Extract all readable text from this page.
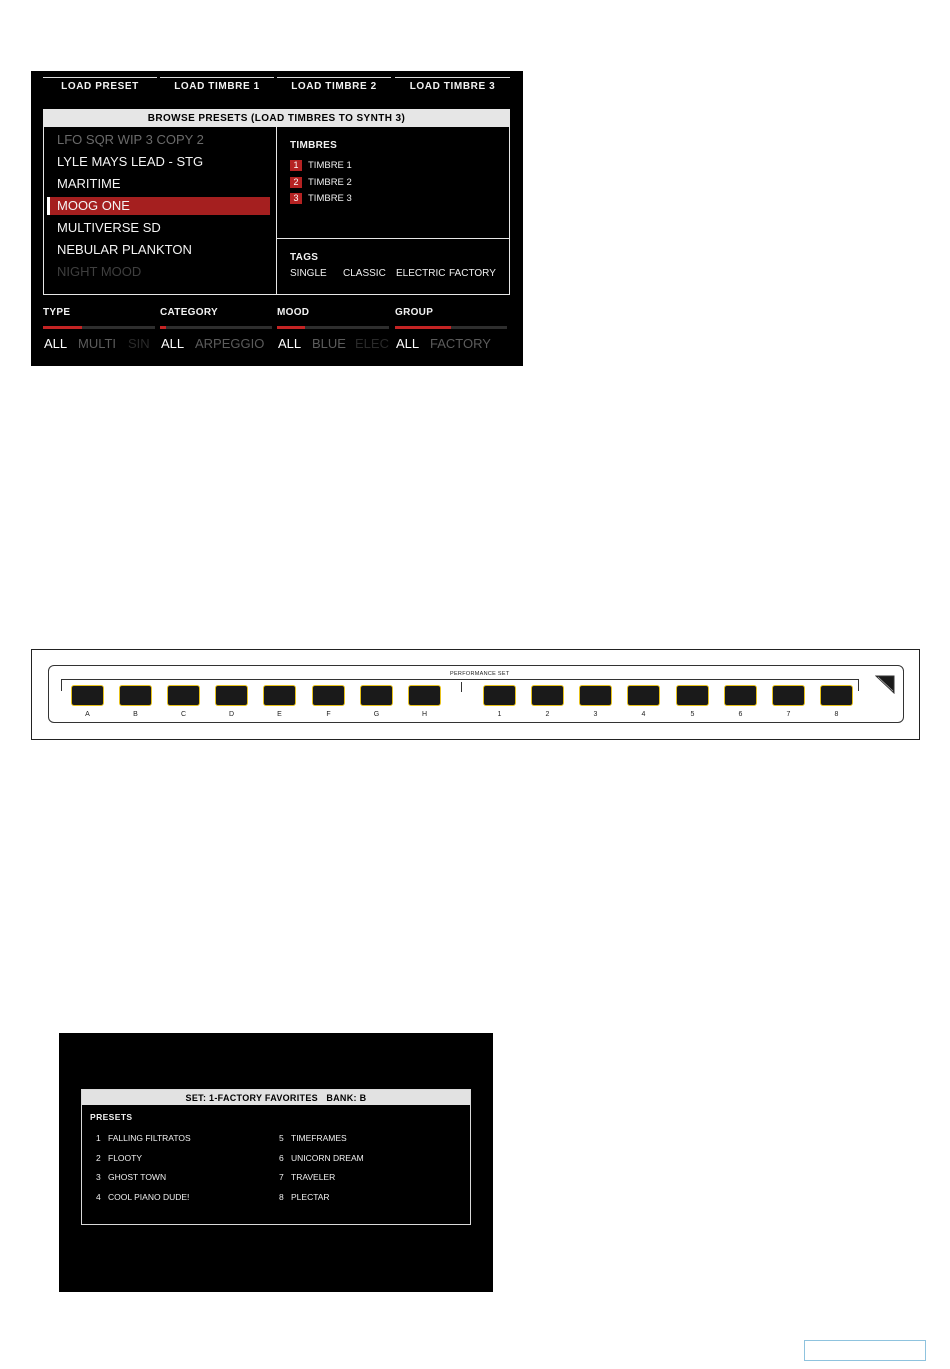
LOAD PRESET	LOAD TIMBRE 1	LOAD TIMBRE 2	LOAD TIMBRE 3
BROWSE PRESETS (LOAD TIMBRES TO SYNTH 3)
LFO SQR WIP 3 COPY 2
LYLE MAYS LEAD - STG
MARITIME
MOOG ONE
MULTIVERSE SD
NEBULAR PLANKTON
NIGHT MOOD
TIMBRES
1	TIMBRE 1
2	TIMBRE 2
3	TIMBRE 3
TAGS
SINGLE CLASSIC ELECTRIC FACTORY
TYPE
ALL MULTI SIN
CATEGORY
ALL ARPEGGIO
MOOD
ALL BLUE ELEC
GROUP
ALL FACTORY
PERFORMANCE SET
A	B	C	D	E	F	G	H	1	2	3	4	5	6	7	8
SET: 1-FACTORY FAVORITES   BANK: B
PRESETS
1 FALLING FILTRATOS
2 FLOOTY
3 GHOST TOWN
4 COOL PIANO DUDE!
5 TIMEFRAMES
6 UNICORN DREAM
7 TRAVELER
8 PLECTAR
